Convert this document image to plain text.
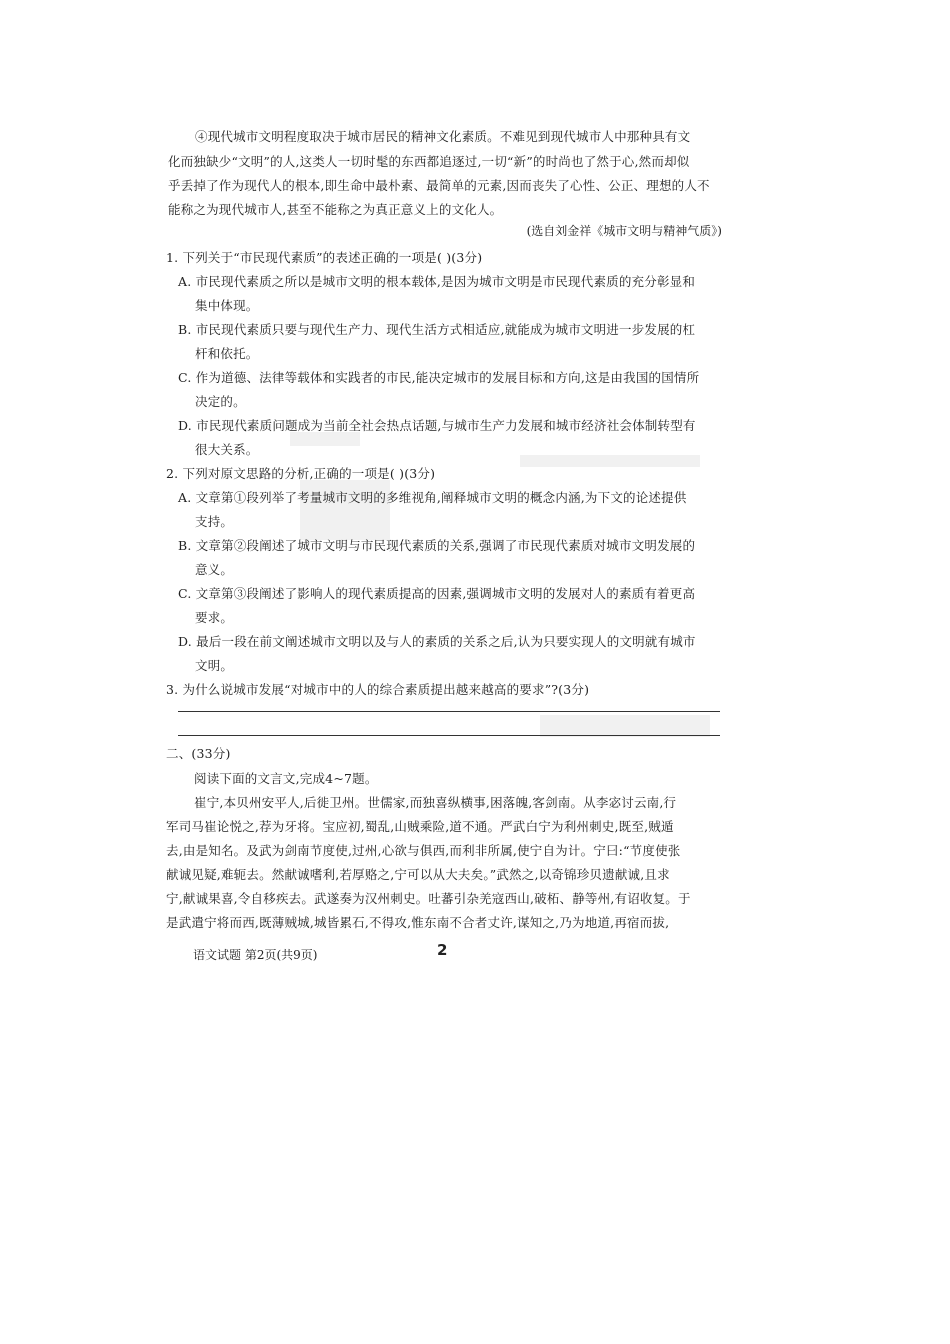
④现代城市文明程度取决于城市居民的精神文化素质。不难见到现代城市人中那种具有文
化而独缺少“文明”的人,这类人一切时髦的东西都追逐过,一切“新”的时尚也了然于心,然而却似
乎丢掉了作为现代人的根本,即生命中最朴素、最简单的元素,因而丧失了心性、公正、理想的人不
能称之为现代城市人,甚至不能称之为真正意义上的文化人。
(选自刘金祥《城市文明与精神气质》)
1. 下列关于“市民现代素质”的表述正确的一项是( )(3分)
A. 市民现代素质之所以是城市文明的根本载体,是因为城市文明是市民现代素质的充分彰显和
集中体现。
B. 市民现代素质只要与现代生产力、现代生活方式相适应,就能成为城市文明进一步发展的杠
杆和依托。
C. 作为道德、法律等载体和实践者的市民,能决定城市的发展目标和方向,这是由我国的国情所
决定的。
D. 市民现代素质问题成为当前全社会热点话题,与城市生产力发展和城市经济社会体制转型有
很大关系。
2. 下列对原文思路的分析,正确的一项是( )(3分)
A. 文章第①段列举了考量城市文明的多维视角,阐释城市文明的概念内涵,为下文的论述提供
支持。
B. 文章第②段阐述了城市文明与市民现代素质的关系,强调了市民现代素质对城市文明发展的
意义。
C. 文章第③段阐述了影响人的现代素质提高的因素,强调城市文明的发展对人的素质有着更高
要求。
D. 最后一段在前文阐述城市文明以及与人的素质的关系之后,认为只要实现人的文明就有城市
文明。
3. 为什么说城市发展“对城市中的人的综合素质提出越来越高的要求”?(3分)
二、(33分)
阅读下面的文言文,完成4~7题。
崔宁,本贝州安平人,后徙卫州。世儒家,而独喜纵横事,困落魄,客剑南。从李宓讨云南,行
军司马崔论悦之,荐为牙将。宝应初,蜀乱,山贼乘险,道不通。严武白宁为利州刺史,既至,贼遁
去,由是知名。及武为剑南节度使,过州,心欲与俱西,而利非所属,使宁自为计。宁曰:“节度使张
献诚见疑,难轭去。然献诚嗜利,若厚赂之,宁可以从大夫矣。”武然之,以奇锦珍贝遗献诚,且求
宁,献诚果喜,令自移疾去。武遂奏为汉州刺史。吐蕃引杂羌寇西山,破柘、静等州,有诏收复。于
是武遣宁将而西,既薄贼城,城皆累石,不得攻,惟东南不合者丈许,谋知之,乃为地道,再宿而拔,
语文试题 第2页(共9页)	2
